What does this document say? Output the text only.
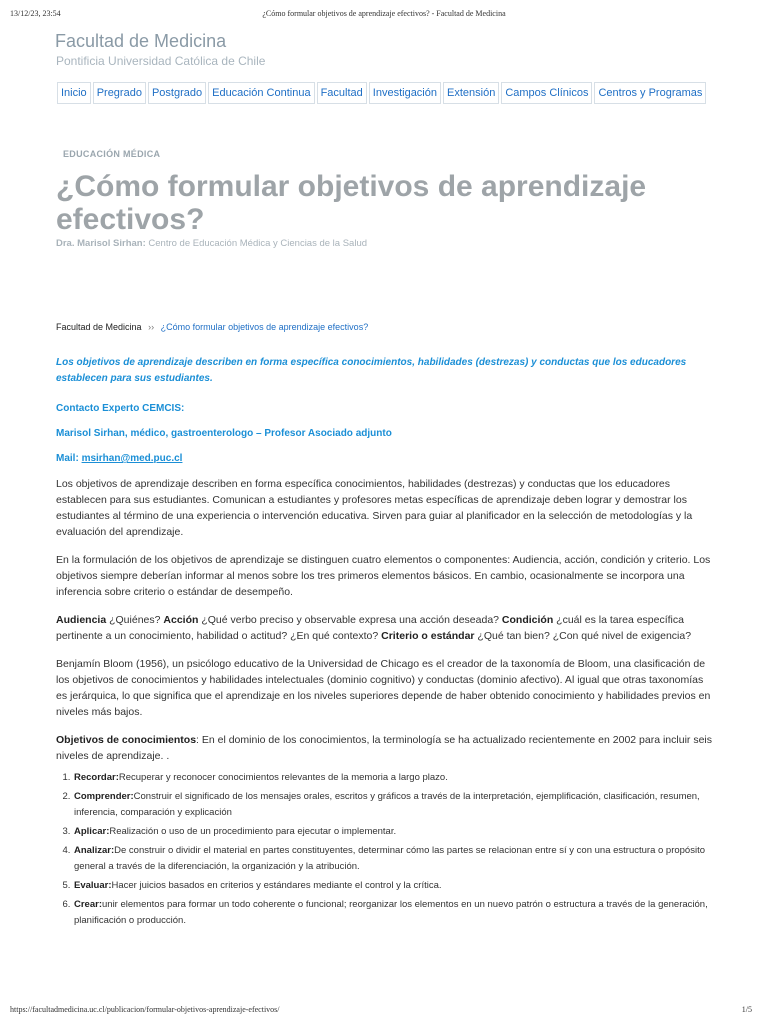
13/12/23, 23:54	¿Cómo formular objetivos de aprendizaje efectivos? - Facultad de Medicina
Facultad de Medicina
Pontificia Universidad Católica de Chile
Inicio Pregrado Postgrado Educación Continua Facultad Investigación Extensión Campos Clínicos Centros y Programas
EDUCACIÓN MÉDICA
¿Cómo formular objetivos de aprendizaje efectivos?
Dra. Marisol Sirhan: Centro de Educación Médica y Ciencias de la Salud
Facultad de Medicina ›› ¿Cómo formular objetivos de aprendizaje efectivos?

Los objetivos de aprendizaje describen en forma específica conocimientos, habilidades (destrezas) y conductas que los educadores establecen para sus estudiantes.

Contacto Experto CEMCIS:

Marisol Sirhan, médico, gastroenterologo – Profesor Asociado adjunto

Mail: msirhan@med.puc.cl

Los objetivos de aprendizaje describen en forma específica conocimientos, habilidades (destrezas) y conductas que los educadores establecen para sus estudiantes. Comunican a estudiantes y profesores metas específicas de aprendizaje deben lograr y demostrar los estudiantes al término de una experiencia o intervención educativa. Sirven para guiar al planificador en la selección de metodologías y la evaluación del aprendizaje.

En la formulación de los objetivos de aprendizaje se distinguen cuatro elementos o componentes: Audiencia, acción, condición y criterio. Los objetivos siempre deberían informar al menos sobre los tres primeros elementos básicos. En cambio, ocasionalmente se incorpora una inferencia sobre criterio o estándar de desempeño.

Audiencia ¿Quiénes? Acción ¿Qué verbo preciso y observable expresa una acción deseada? Condición ¿cuál es la tarea específica pertinente a un conocimiento, habilidad o actitud? ¿En qué contexto? Criterio o estándar ¿Qué tan bien? ¿Con qué nivel de exigencia?

Benjamín Bloom (1956), un psicólogo educativo de la Universidad de Chicago es el creador de la taxonomía de Bloom, una clasificación de los objetivos de conocimientos y habilidades intelectuales (dominio cognitivo) y conductas (dominio afectivo). Al igual que otras taxonomías es jerárquica, lo que significa que el aprendizaje en los niveles superiores depende de haber obtenido conocimiento y habilidades previos en niveles más bajos.

Objetivos de conocimientos: En el dominio de los conocimientos, la terminología se ha actualizado recientemente en 2002 para incluir seis niveles de aprendizaje. .

1. Recordar:Recuperar y reconocer conocimientos relevantes de la memoria a largo plazo.
2. Comprender:Construir el significado de los mensajes orales, escritos y gráficos a través de la interpretación, ejemplificación, clasificación, resumen, inferencia, comparación y explicación
3. Aplicar:Realización o uso de un procedimiento para ejecutar o implementar.
4. Analizar:De construir o dividir el material en partes constituyentes, determinar cómo las partes se relacionan entre sí y con una estructura o propósito general a través de la diferenciación, la organización y la atribución.
5. Evaluar:Hacer juicios basados en criterios y estándares mediante el control y la crítica.
6. Crear:unir elementos para formar un todo coherente o funcional; reorganizar los elementos en un nuevo patrón o estructura a través de la generación, planificación o producción.
https://facultadmedicina.uc.cl/publicacion/formular-objetivos-aprendizaje-efectivos/	1/5
